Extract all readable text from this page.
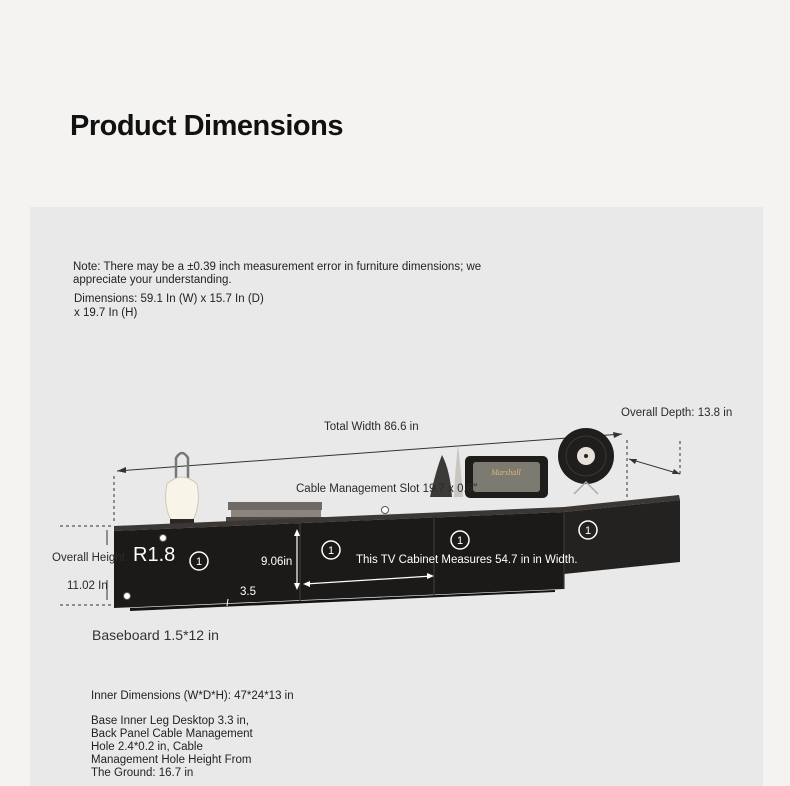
Product Dimensions
Note: There may be a ±0.39 inch measurement error in furniture dimensions; we appreciate your understanding.
Dimensions: 59.1 In (W) x 15.7 In (D)
x 19.7 In (H)
Marshall
1
1
1
1
Total Width 86.6 in
Overall Depth: 13.8 in
Cable Management Slot 19.7 x 0.6"
Overall Height R1.8	9.06in	This TV Cabinet Measures 54.7 in in Width.
11.02 In	3.5
Baseboard 1.5*12 in
Inner Dimensions (W*D*H): 47*24*13 in
Base Inner Leg Desktop 3.3 in,
Back Panel Cable Management
Hole 2.4*0.2 in, Cable
Management Hole Height From
The Ground: 16.7 in
